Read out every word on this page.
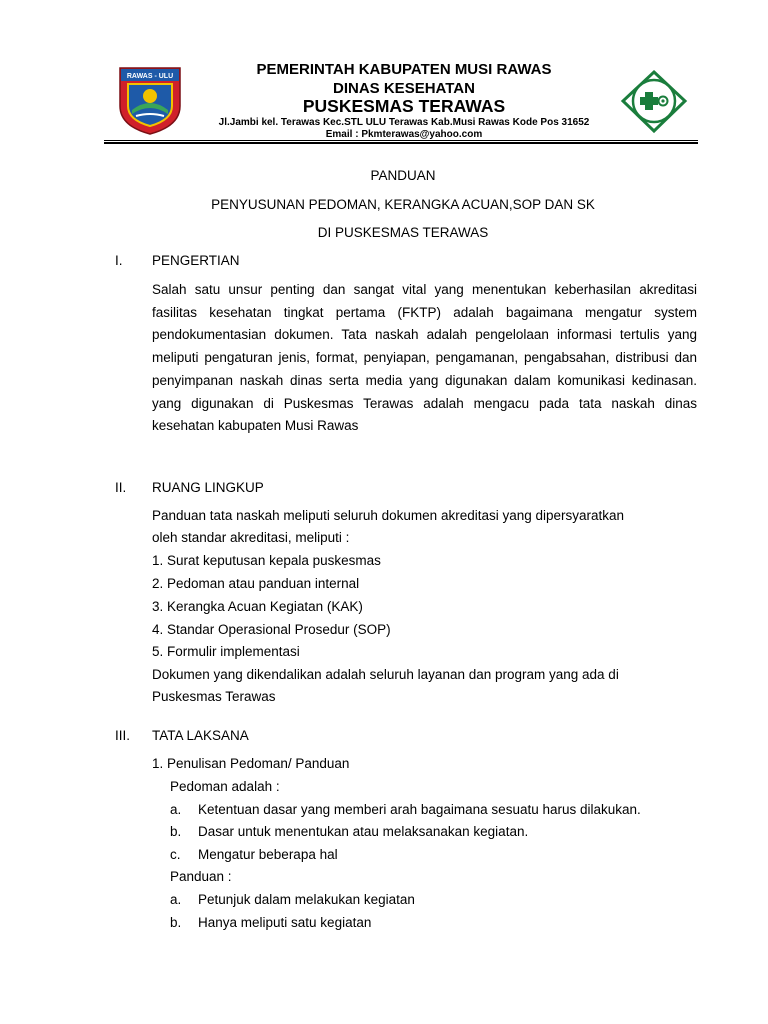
RAWAS - ULU	PEMERINTAH KABUPATEN MUSI RAWAS
DINAS KESEHATAN
PUSKESMAS TERAWAS
Jl.Jambi kel. Terawas Kec.STL ULU Terawas Kab.Musi Rawas Kode Pos 31652
Email : Pkmterawas@yahoo.com
PANDUAN
PENYUSUNAN PEDOMAN, KERANGKA ACUAN,SOP DAN SK
DI PUSKESMAS TERAWAS
I. PENGERTIAN

Salah satu unsur penting dan sangat vital yang menentukan keberhasilan akreditasi fasilitas kesehatan tingkat pertama (FKTP) adalah bagaimana mengatur system pendokumentasian dokumen. Tata naskah adalah pengelolaan informasi tertulis yang meliputi pengaturan jenis, format, penyiapan, pengamanan, pengabsahan, distribusi dan penyimpanan naskah dinas serta media yang digunakan dalam komunikasi kedinasan. yang digunakan di Puskesmas Terawas adalah mengacu pada tata naskah dinas kesehatan kabupaten Musi Rawas

II. RUANG LINGKUP
Panduan tata naskah meliputi seluruh dokumen akreditasi yang dipersyaratkan
oleh standar akreditasi, meliputi :
1. Surat keputusan kepala puskesmas
2. Pedoman atau panduan internal
3. Kerangka Acuan Kegiatan (KAK)
4. Standar Operasional Prosedur (SOP)
5. Formulir implementasi
Dokumen yang dikendalikan adalah seluruh layanan dan program yang ada di
Puskesmas Terawas
III. TATA LAKSANA
1. Penulisan Pedoman/ Panduan
Pedoman adalah :
a. Ketentuan dasar yang memberi arah bagaimana sesuatu harus dilakukan.
b. Dasar untuk menentukan atau melaksanakan kegiatan.
c. Mengatur beberapa hal
Panduan :
a. Petunjuk dalam melakukan kegiatan
b. Hanya meliputi satu kegiatan
